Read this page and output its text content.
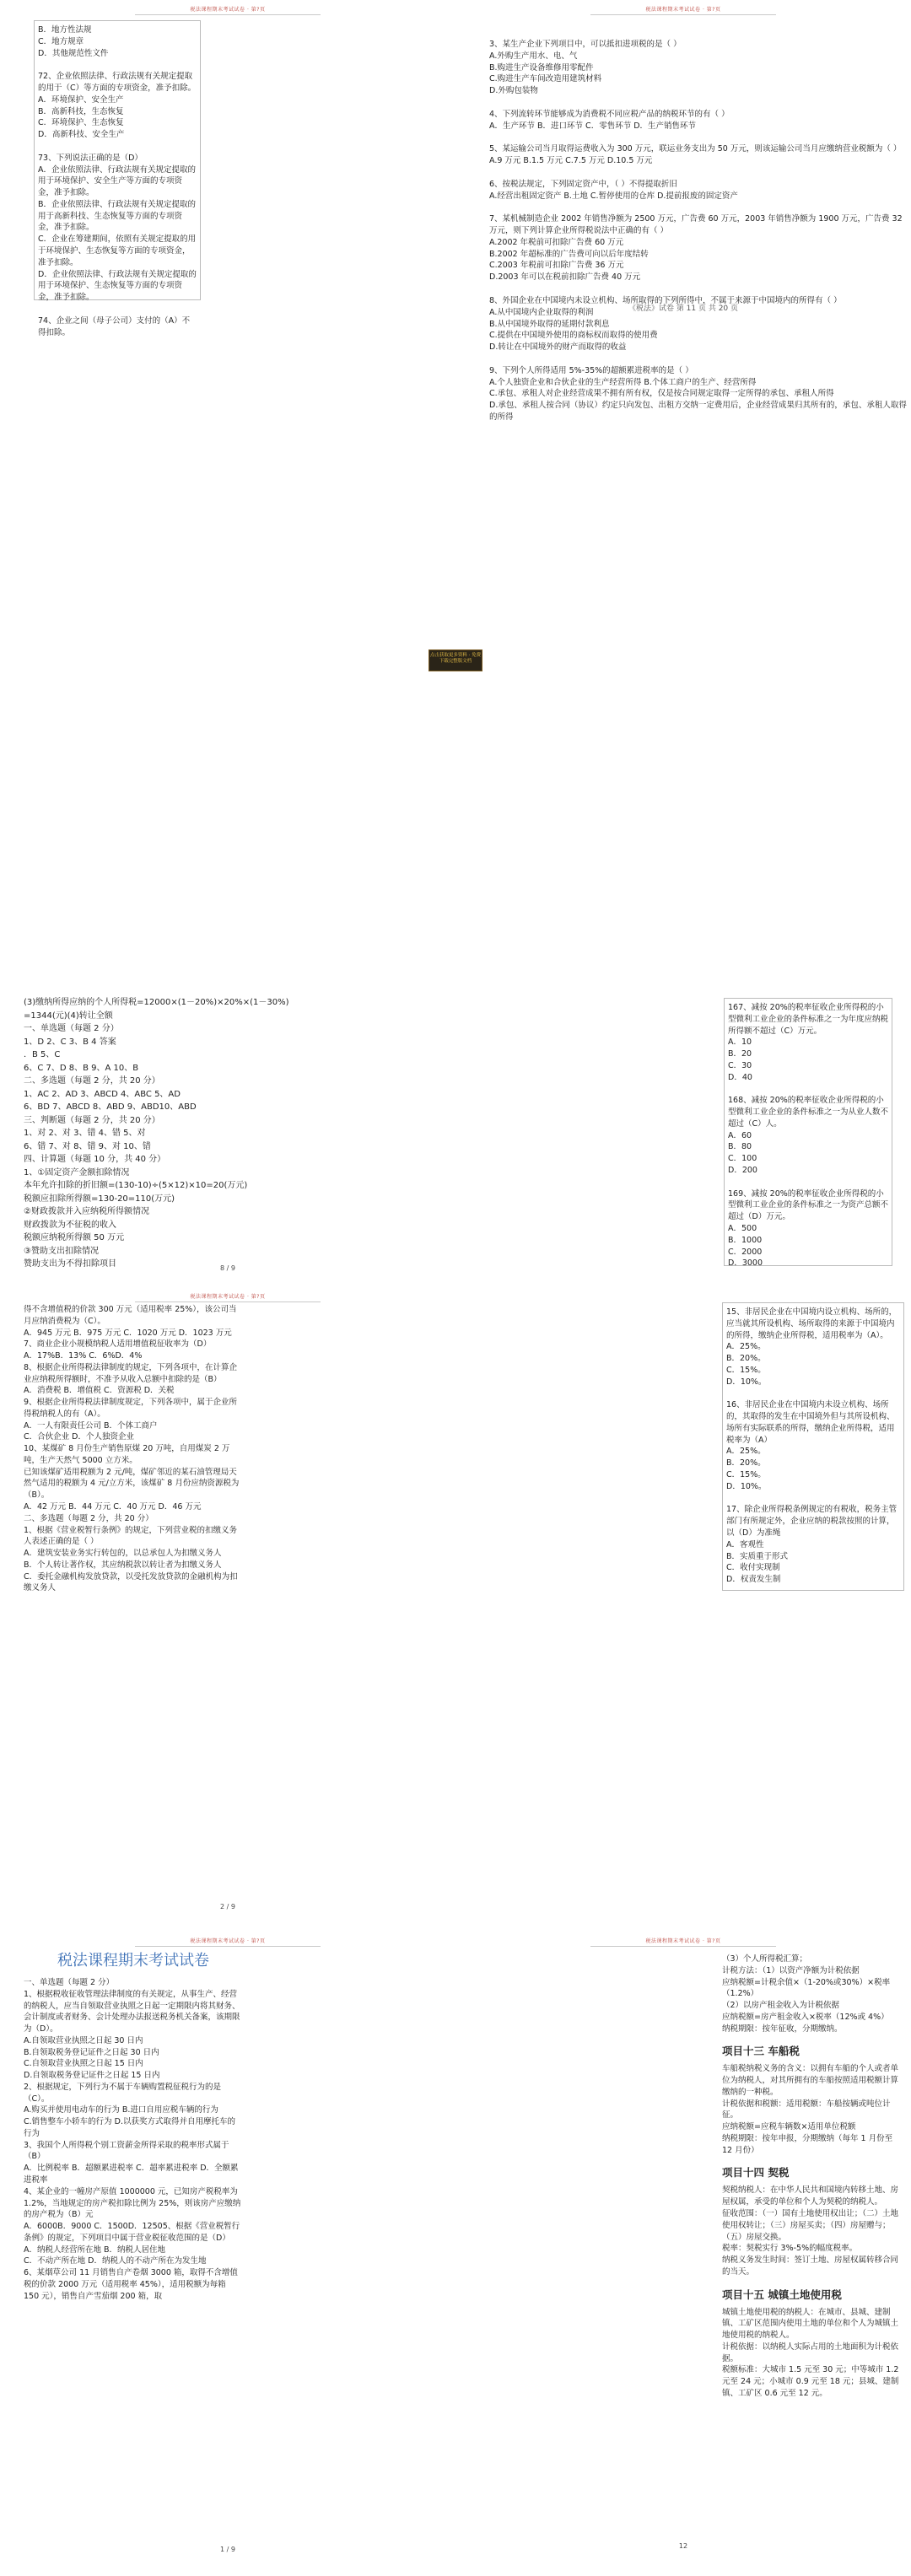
税法课程期末考试试卷 · 第?页
B．地方性法规
C．地方规章
D．其他规范性文件
72、企业依照法律、行政法规有关规定提取的用于（C）等方面的专项资金，准予扣除。
A．环境保护、安全生产
B．高新科技，生态恢复
C．环境保护、生态恢复
D．高新科技、安全生产
73、下列说法正确的是（D）
A．企业依照法律、行政法规有关规定提取的用于环境保护、安全生产等方面的专项资金，准予扣除。
B．企业依照法律、行政法规有关规定提取的用于高新科技、生态恢复等方面的专项资金，准予扣除。
C．企业在筹建期间，依照有关规定提取的用于环境保护、生态恢复等方面的专项资金，准予扣除。
D．企业依照法律、行政法规有关规定提取的用于环境保护、生态恢复等方面的专项资金，准予扣除。
74、企业之间（母子公司）支付的（A）不得扣除。
税法课程期末考试试卷 · 第?页
3、某生产企业下列项目中，可以抵扣进项税的是（ ）
A.外购生产用水、电、气
B.购进生产设备维修用零配件
C.购进生产车间改造用建筑材料
D.外购包装物
4、下列流转环节能够成为消费税不同应税产品的纳税环节的有（ ）
A．生产环节 B．进口环节 C．零售环节 D．生产销售环节
5、某运输公司当月取得运费收入为 300 万元，联运业务支出为 50 万元，则该运输公司当月应缴纳营业税额为（ ）
A.9 万元 B.1.5 万元 C.7.5 万元 D.10.5 万元
6、按税法规定，下列固定资产中，（ ）不得提取折旧
A.经营出租固定资产 B.土地 C.暂停使用的仓库 D.提前报废的固定资产
7、某机械制造企业 2002 年销售净额为 2500 万元，广告费 60 万元，2003 年销售净额为 1900 万元，广告费 32 万元，则下列计算企业所得税说法中正确的有（ ）
A.2002 年税前可扣除广告费 60 万元
B.2002 年超标准的广告费可向以后年度结转
C.2003 年税前可扣除广告费 36 万元
D.2003 年可以在税前扣除广告费 40 万元
8、外国企业在中国境内未设立机构、场所取得的下列所得中，不属于来源于中国境内的所得有（ ）
A.从中国境内企业取得的利润
B.从中国境外取得的延期付款利息
C.提供在中国境外使用的商标权而取得的使用费
D.转让在中国境外的财产而取得的收益
9、下列个人所得适用 5%-35%的超额累进税率的是（ ）
A.个人独资企业和合伙企业的生产经营所得 B.个体工商户的生产、经营所得
C.承包、承租人对企业经营成果不拥有所有权，仅是按合同规定取得一定所得的承包、承租人所得
D.承包、承租人按合同（协议）约定只向发包、出租方交纳一定费用后，企业经营成果归其所有的，承包、承租人取得的所得
《税法》试卷 第 11 页 共 20 页
(3)缴纳所得应纳的个人所得税=12000×(1－20%)×20%×(1－30%)
=1344(元)(4)转让全额
一、单选题（每题 2 分）
1、D 2、C 3、B 4 答案
．B 5、C
6、C 7、D 8、B 9、A 10、B
二、多选题（每题 2 分，共 20 分）
1、AC 2、AD 3、ABCD 4、ABC 5、AD
6、BD 7、ABCD 8、ABD 9、ABD10、ABD
三、判断题（每题 2 分，共 20 分）
1、对 2、对 3、错 4、错 5、对
6、错 7、对 8、错 9、对 10、错
四、计算题（每题 10 分，共 40 分）
1、①固定资产金额扣除情况
本年允许扣除的折旧额=(130-10)÷(5×12)×10=20(万元)
税额应扣除所得额=130-20=110(万元)
②财政拨款并入应纳税所得额情况
财政拨款为不征税的收入
税额应纳税所得额 50 万元
③赞助支出扣除情况
赞助支出为不得扣除项目	8 / 9
167、减按 20%的税率征收企业所得税的小型微利工业企业的条件标准之一为年度应纳税所得额不超过（C）万元。
A．10
B．20
C．30
D．40
168、减按 20%的税率征收企业所得税的小型微利工业企业的条件标准之一为从业人数不超过（C）人。
A．60
B．80
C．100
D．200
169、减按 20%的税率征收企业所得税的小型微利工业企业的条件标准之一为资产总额不超过（D）万元。
A．500
B．1000
C．2000
D．3000
点击获取更多资料 · 免费下载完整版文档
税法课程期末考试试卷 · 第?页
得不含增值税的价款 300 万元（适用税率 25%），该公司当月应纳消费税为（C）。
A．945 万元 B．975 万元 C．1020 万元 D．1023 万元
7、商业企业小规模纳税人适用增值税征收率为（D）
A．17%B．13% C．6%D．4%
8、根据企业所得税法律制度的规定，下列各项中，在计算企业应纳税所得额时，不准予从收入总额中扣除的是（B）
A．消费税 B．增值税 C．资源税 D．关税
9、根据企业所得税法律制度规定，下列各项中，属于企业所得税纳税人的有（A）。
A．一人有限责任公司 B．个体工商户
C．合伙企业 D．个人独资企业
10、某煤矿 8 月份生产销售原煤 20 万吨，自用煤炭 2 万吨，生产天然气 5000 立方米。
已知该煤矿适用税额为 2 元/吨，煤矿邻近的某石油管理局天然气适用的税额为 4 元/立方米，该煤矿 8 月份应纳资源税为（B）。
A．42 万元 B．44 万元 C．40 万元 D．46 万元
二、多选题（每题 2 分，共 20 分）
1、根据《营业税暂行条例》的规定，下列营业税的扣缴义务人表述正确的是（ ）
A．建筑安装业务实行转包的，以总承包人为扣缴义务人
B．个人转让著作权，其应纳税款以转让者为扣缴义务人
C．委托金融机构发放贷款，以受托发放贷款的金融机构为扣缴义务人
2 / 9
15、非居民企业在中国境内设立机构、场所的，应当就其所设机构、场所取得的来源于中国境内的所得，缴纳企业所得税，适用税率为（A）。
A．25%。
B．20%。
C．15%。
D．10%。
16、非居民企业在中国境内未设立机构、场所的，其取得的发生在中国境外但与其所设机构、场所有实际联系的所得，缴纳企业所得税，适用税率为（A）
A．25%。
B．20%。
C．15%。
D．10%。
17、除企业所得税条例规定的有税收，税务主管部门有所规定外，企业应纳的税款按照的计算，以（D）为准绳
A．客观性
B．实质重于形式
C．收付实现制
D．权责发生制
税法课程期末考试试卷 · 第?页
税法课程期末考试试卷
一、单选题（每题 2 分）
1、根据税收征收管理法律制度的有关规定，从事生产、经营的纳税人，应当自领取营业执照之日起一定期限内将其财务、会计制度或者财务、会计处理办法报送税务机关备案，该期限为（D）。
A.自领取营业执照之日起 30 日内
B.自领取税务登记证件之日起 30 日内
C.自领取营业执照之日起 15 日内
D.自领取税务登记证件之日起 15 日内
2、根据规定，下列行为不属于车辆购置税征税行为的是（C）。
A.购买并使用电动车的行为 B.进口自用应税车辆的行为
C.销售整车小轿车的行为 D.以获奖方式取得并自用摩托车的行为
3、我国个人所得税个别工资薪金所得采取的税率形式属于（B）
A．比例税率 B．超额累进税率 C．超率累进税率 D．全额累进税率
4、某企业的一幢房产原值 1000000 元，已知房产税税率为 1.2%，当地规定的房产税扣除比例为 25%，则该房产应缴纳的房产税为（B）元
A．6000B．9000 C．1500D．12505、根据《营业税暂行条例》的规定，下列项目中属于营业税征收范围的是（D）
A．纳税人经营所在地 B．纳税人居住地
C．不动产所在地 D．纳税人的不动产所在为发生地
6、某烟草公司 11 月销售自产卷烟 3000 箱，取得不含增值税的价款 2000 万元（适用税率 45%），适用税额为每箱 150 元），销售自产雪茄烟 200 箱，取
1 / 9
税法课程期末考试试卷 · 第?页
（3）个人所得税汇算；
计税方法：（1）以资产净额为计税依据
应纳税额=计税余值×（1-20%或30%）×税率（1.2%）
（2）以房产租金收入为计税依据
应纳税额=房产租金收入×税率（12%或 4%）
纳税期限：按年征收，分期缴纳。
项目十三 车船税
车船税纳税义务的含义：以拥有车船的个人或者单位为纳税人，对其所拥有的车船按照适用税额计算缴纳的一种税。
计税依据和税额：适用税额：车船按辆或吨位计征。
应纳税额=应税车辆数×适用单位税额
纳税期限：按年申报，分期缴纳（每年 1 月份至 12 月份）
项目十四 契税
契税纳税人：在中华人民共和国境内转移土地、房屋权属，承受的单位和个人为契税的纳税人。
征收范围：（一）国有土地使用权出让；（二）土地使用权转让；（三）房屋买卖；（四）房屋赠与；（五）房屋交换。
税率：契税实行 3%-5%的幅度税率。
纳税义务发生时间：签订土地、房屋权属转移合同的当天。
项目十五 城镇土地使用税
城镇土地使用税的纳税人：在城市、县城、建制镇、工矿区范围内使用土地的单位和个人为城镇土地使用税的纳税人。
计税依据：以纳税人实际占用的土地面积为计税依据。
税额标准：大城市 1.5 元至 30 元；中等城市 1.2 元至 24 元；小城市 0.9 元至 18 元；县城、建制镇、工矿区 0.6 元至 12 元。
12
